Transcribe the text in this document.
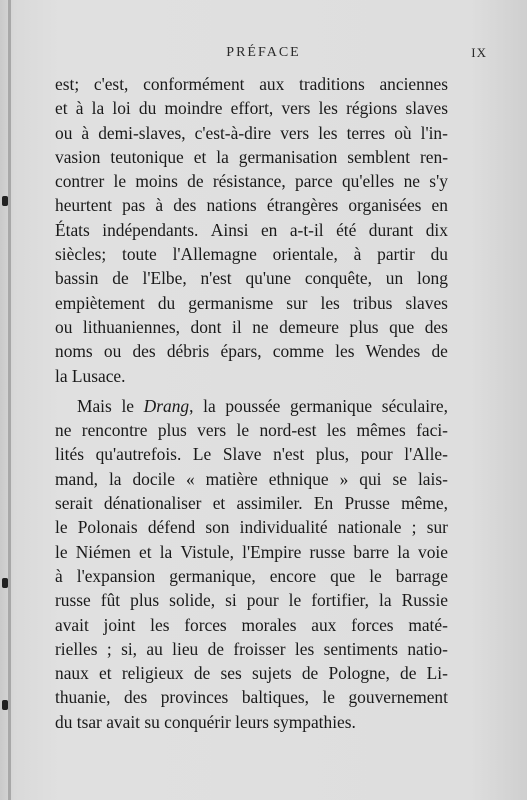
PRÉFACE	IX
est; c'est, conformément aux traditions anciennes
et à la loi du moindre effort, vers les régions slaves
ou à demi-slaves, c'est-à-dire vers les terres où l'in-
vasion teutonique et la germanisation semblent ren-
contrer le moins de résistance, parce qu'elles ne s'y
heurtent pas à des nations étrangères organisées en
États indépendants. Ainsi en a-t-il été durant dix
siècles; toute l'Allemagne orientale, à partir du
bassin de l'Elbe, n'est qu'une conquête, un long
empiètement du germanisme sur les tribus slaves
ou lithuaniennes, dont il ne demeure plus que des
noms ou des débris épars, comme les Wendes de
la Lusace.
Mais le Drang, la poussée germanique séculaire,
ne rencontre plus vers le nord-est les mêmes faci-
lités qu'autrefois. Le Slave n'est plus, pour l'Alle-
mand, la docile « matière ethnique » qui se lais-
serait dénationaliser et assimiler. En Prusse même,
le Polonais défend son individualité nationale ; sur
le Niémen et la Vistule, l'Empire russe barre la voie
à l'expansion germanique, encore que le barrage
russe fût plus solide, si pour le fortifier, la Russie
avait joint les forces morales aux forces maté-
rielles ; si, au lieu de froisser les sentiments natio-
naux et religieux de ses sujets de Pologne, de Li-
thuanie, des provinces baltiques, le gouvernement
du tsar avait su conquérir leurs sympathies.
